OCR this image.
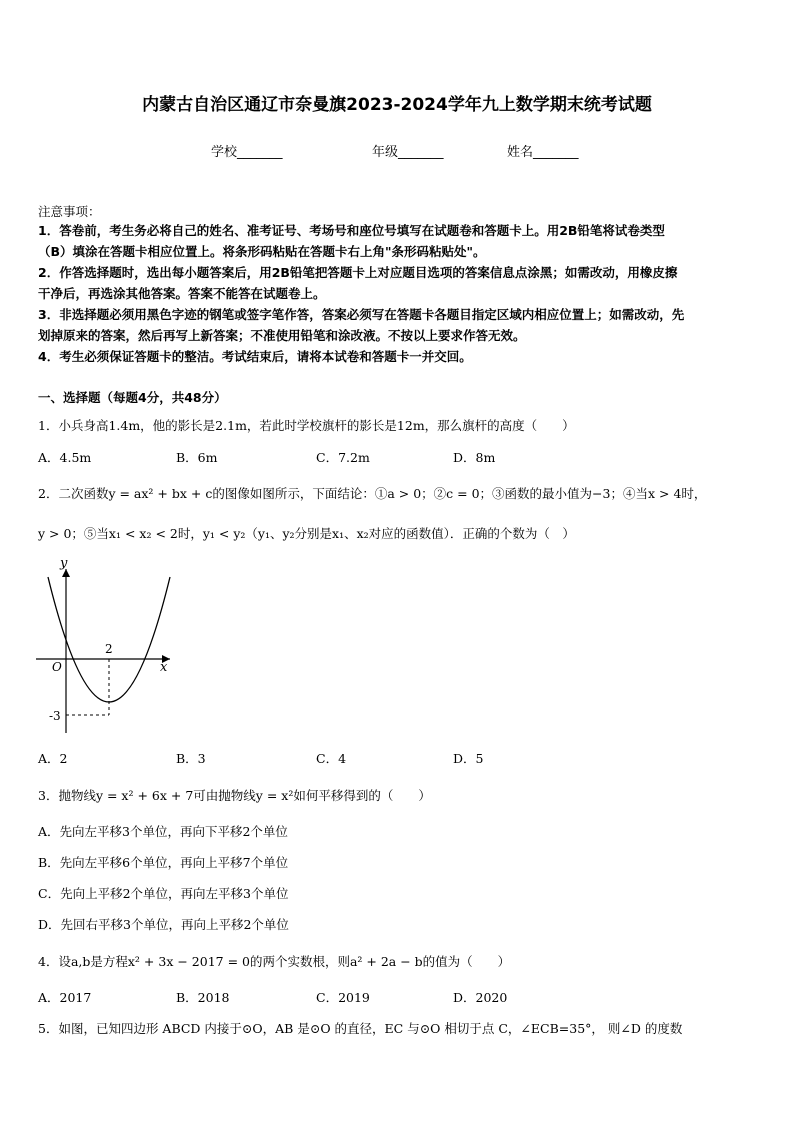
内蒙古自治区通辽市奈曼旗2023-2024学年九上数学期末统考试题
学校_______	年级_______	姓名_______
注意事项：
1．答卷前，考生务必将自己的姓名、准考证号、考场号和座位号填写在试题卷和答题卡上。用2B铅笔将试卷类型
（B）填涂在答题卡相应位置上。将条形码粘贴在答题卡右上角"条形码粘贴处"。
2．作答选择题时，选出每小题答案后，用2B铅笔把答题卡上对应题目选项的答案信息点涂黑；如需改动，用橡皮擦
干净后，再选涂其他答案。答案不能答在试题卷上。
3．非选择题必须用黑色字迹的钢笔或签字笔作答，答案必须写在答题卡各题目指定区域内相应位置上；如需改动，先
划掉原来的答案，然后再写上新答案；不准使用铅笔和涂改液。不按以上要求作答无效。
4．考生必须保证答题卡的整洁。考试结束后，请将本试卷和答题卡一并交回。
一、选择题（每题4分，共48分）
1．小兵身高1.4m，他的影长是2.1m，若此时学校旗杆的影长是12m，那么旗杆的高度（　　）
A．4.5m	B．6m	C．7.2m	D．8m
2．二次函数y = ax² + bx + c的图像如图所示，下面结论：①a > 0；②c = 0；③函数的最小值为−3；④当x > 4时，
y > 0；⑤当x₁ < x₂ < 2时，y₁ < y₂（y₁、y₂分别是x₁、x₂对应的函数值）．正确的个数为（　）
y
x
O
2
-3
A．2	B．3	C．4	D．5
3．抛物线y = x² + 6x + 7可由抛物线y = x²如何平移得到的（　　）
A．先向左平移3个单位，再向下平移2个单位
B．先向左平移6个单位，再向上平移7个单位
C．先向上平移2个单位，再向左平移3个单位
D．先回右平移3个单位，再向上平移2个单位
4．设a,b是方程x² + 3x − 2017 = 0的两个实数根，则a² + 2a − b的值为（　　）
A．2017	B．2018	C．2019	D．2020
5．如图，已知四边形 ABCD 内接于⊙O，AB 是⊙O 的直径，EC 与⊙O 相切于点 C，∠ECB=35°， 则∠D 的度数
